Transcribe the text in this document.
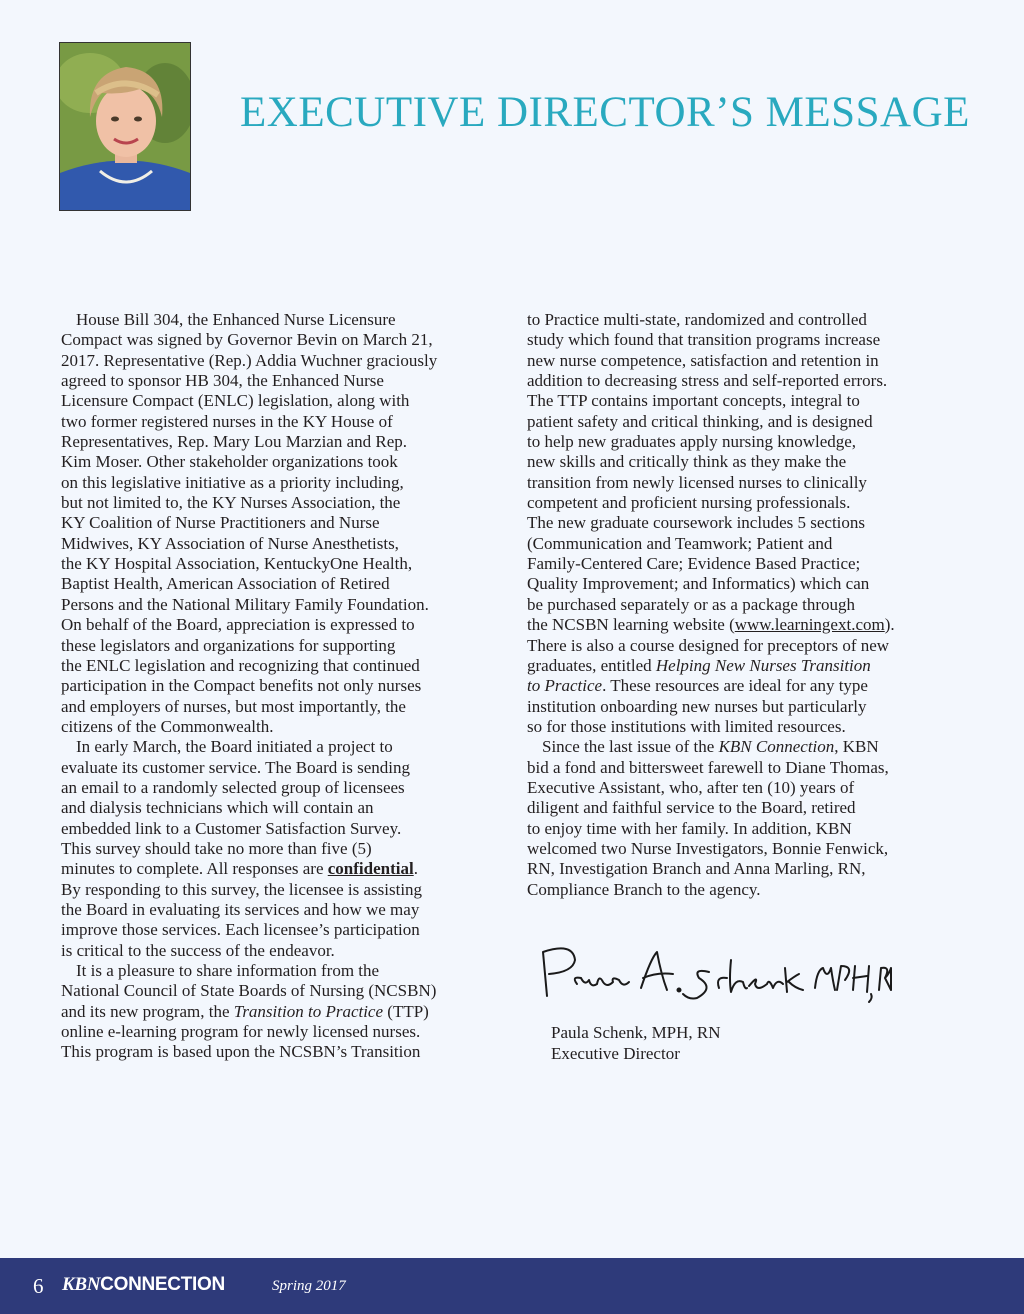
EXECUTIVE DIRECTOR’S MESSAGE
House Bill 304, the Enhanced Nurse Licensure
Compact was signed by Governor Bevin on March 21,
2017. Representative (Rep.) Addia Wuchner graciously
agreed to sponsor HB 304, the Enhanced Nurse
Licensure Compact (ENLC) legislation, along with
two former registered nurses in the KY House of
Representatives, Rep. Mary Lou Marzian and Rep.
Kim Moser. Other stakeholder organizations took
on this legislative initiative as a priority including,
but not limited to, the KY Nurses Association, the
KY Coalition of Nurse Practitioners and Nurse
Midwives, KY Association of Nurse Anesthetists,
the KY Hospital Association, KentuckyOne Health,
Baptist Health, American Association of Retired
Persons and the National Military Family Foundation.
On behalf of the Board, appreciation is expressed to
these legislators and organizations for supporting
the ENLC legislation and recognizing that continued
participation in the Compact benefits not only nurses
and employers of nurses, but most importantly, the
citizens of the Commonwealth.
In early March, the Board initiated a project to
evaluate its customer service. The Board is sending
an email to a randomly selected group of licensees
and dialysis technicians which will contain an
embedded link to a Customer Satisfaction Survey.
This survey should take no more than five (5)
minutes to complete. All responses are confidential.
By responding to this survey, the licensee is assisting
the Board in evaluating its services and how we may
improve those services. Each licensee’s participation
is critical to the success of the endeavor.
It is a pleasure to share information from the
National Council of State Boards of Nursing (NCSBN)
and its new program, the Transition to Practice (TTP)
online e-learning program for newly licensed nurses.
This program is based upon the NCSBN’s Transition
to Practice multi-state, randomized and controlled
study which found that transition programs increase
new nurse competence, satisfaction and retention in
addition to decreasing stress and self-reported errors.
The TTP contains important concepts, integral to
patient safety and critical thinking, and is designed
to help new graduates apply nursing knowledge,
new skills and critically think as they make the
transition from newly licensed nurses to clinically
competent and proficient nursing professionals.
The new graduate coursework includes 5 sections
(Communication and Teamwork; Patient and
Family-Centered Care; Evidence Based Practice;
Quality Improvement; and Informatics) which can
be purchased separately or as a package through
the NCSBN learning website (www.learningext.com).
There is also a course designed for preceptors of new
graduates, entitled Helping New Nurses Transition
to Practice. These resources are ideal for any type
institution onboarding new nurses but particularly
so for those institutions with limited resources.
Since the last issue of the KBN Connection, KBN
bid a fond and bittersweet farewell to Diane Thomas,
Executive Assistant, who, after ten (10) years of
diligent and faithful service to the Board, retired
to enjoy time with her family. In addition, KBN
welcomed two Nurse Investigators, Bonnie Fenwick,
RN, Investigation Branch and Anna Marling, RN,
Compliance Branch to the agency.
Paula Schenk, MPH, RN
Executive Director
6 KBNCONNECTION	Spring 2017
